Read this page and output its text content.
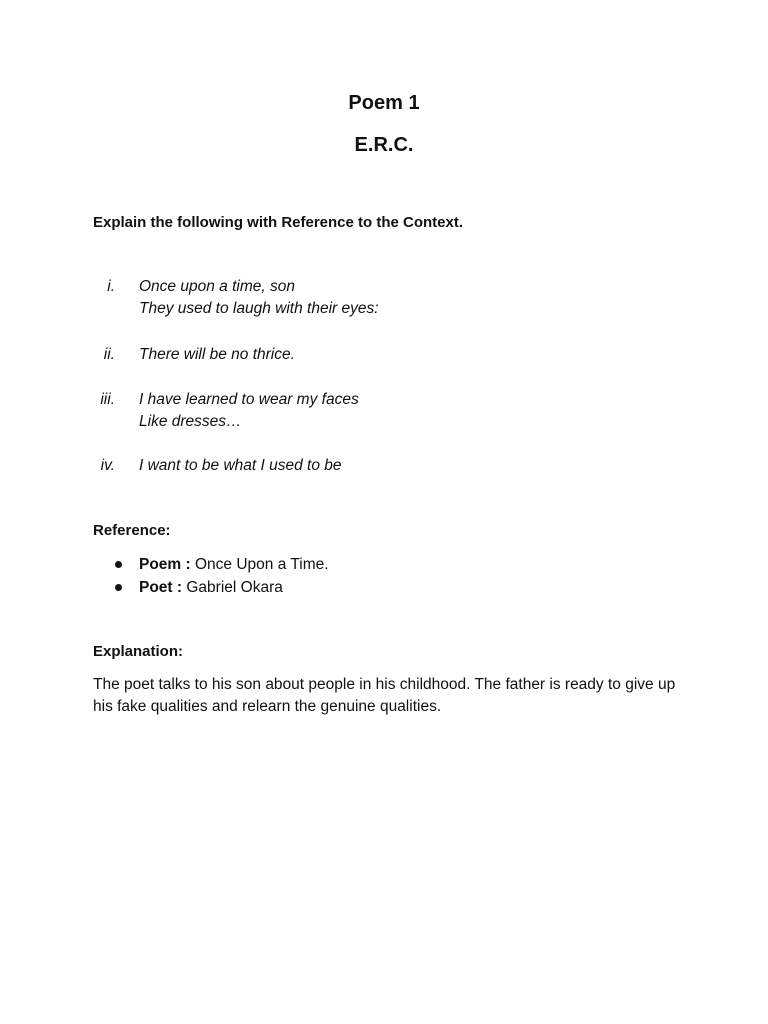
Poem 1
E.R.C.
Explain the following with Reference to the Context.
i. Once upon a time, son
They used to laugh with their eyes:
ii. There will be no thrice.
iii. I have learned to wear my faces
Like dresses…
iv. I want to be what I used to be
Reference:
Poem : Once Upon a Time.
Poet : Gabriel Okara
Explanation:
The poet talks to his son about people in his childhood. The father is ready to give up his fake qualities and relearn the genuine qualities.
